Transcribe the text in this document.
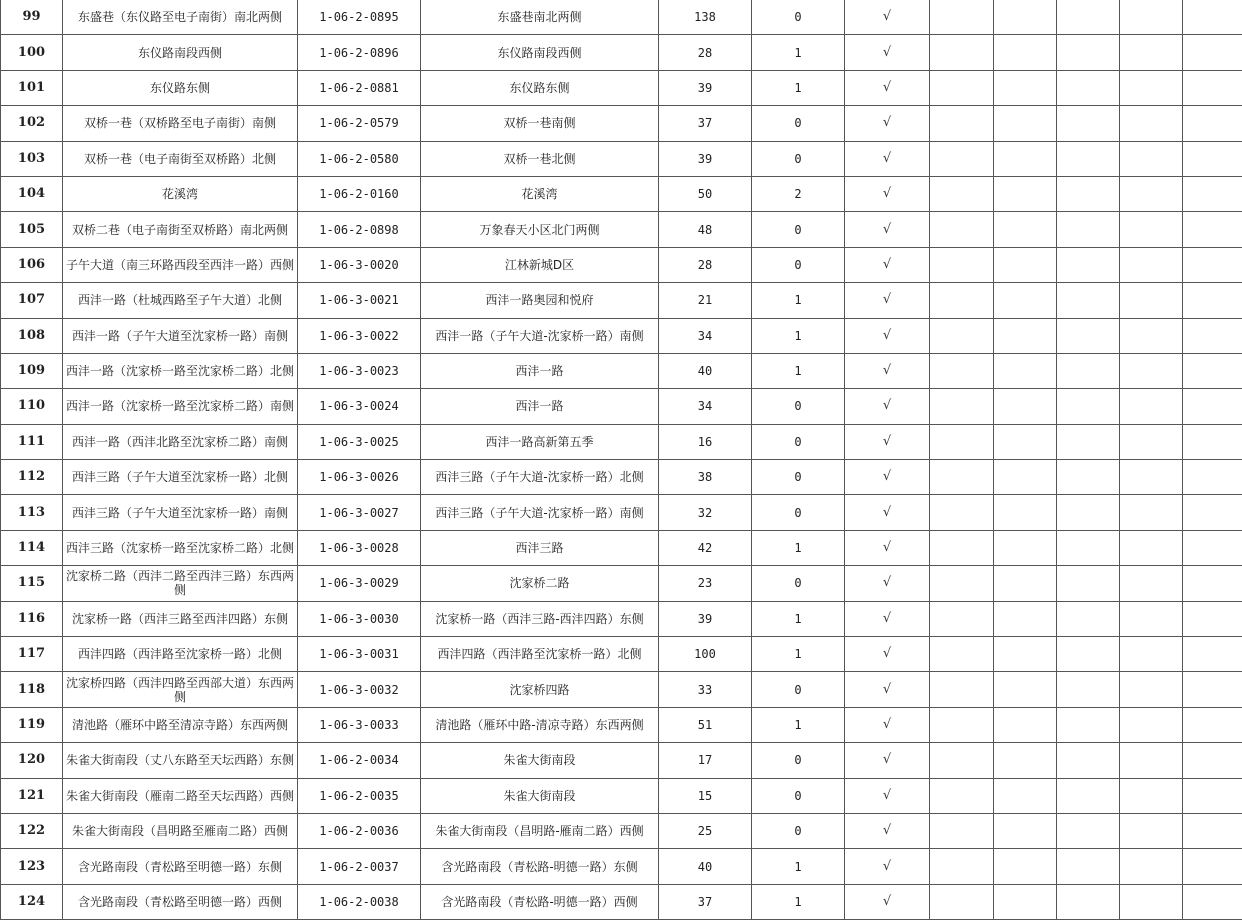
99	东盛巷（东仪路至电子南街）南北两侧	1-06-2-0895	东盛巷南北两侧	138	0	√						
100	东仪路南段西侧	1-06-2-0896	东仪路南段西侧	28	1	√						
101	东仪路东侧	1-06-2-0881	东仪路东侧	39	1	√						
102	双桥一巷（双桥路至电子南街）南侧	1-06-2-0579	双桥一巷南侧	37	0	√						
103	双桥一巷（电子南街至双桥路）北侧	1-06-2-0580	双桥一巷北侧	39	0	√						
104	花溪湾	1-06-2-0160	花溪湾	50	2	√						
105	双桥二巷（电子南街至双桥路）南北两侧	1-06-2-0898	万象春天小区北门两侧	48	0	√						
106	子午大道（南三环路西段至西沣一路）西侧	1-06-3-0020	江林新城D区	28	0	√						
107	西沣一路（杜城西路至子午大道）北侧	1-06-3-0021	西沣一路奥园和悦府	21	1	√						
108	西沣一路（子午大道至沈家桥一路）南侧	1-06-3-0022	西沣一路（子午大道-沈家桥一路）南侧	34	1	√						
109	西沣一路（沈家桥一路至沈家桥二路）北侧	1-06-3-0023	西沣一路	40	1	√						
110	西沣一路（沈家桥一路至沈家桥二路）南侧	1-06-3-0024	西沣一路	34	0	√						
111	西沣一路（西沣北路至沈家桥二路）南侧	1-06-3-0025	西沣一路高新第五季	16	0	√						
112	西沣三路（子午大道至沈家桥一路）北侧	1-06-3-0026	西沣三路（子午大道-沈家桥一路）北侧	38	0	√						
113	西沣三路（子午大道至沈家桥一路）南侧	1-06-3-0027	西沣三路（子午大道-沈家桥一路）南侧	32	0	√						
114	西沣三路（沈家桥一路至沈家桥二路）北侧	1-06-3-0028	西沣三路	42	1	√						
115	沈家桥二路（西沣二路至西沣三路）东西两侧	1-06-3-0029	沈家桥二路	23	0	√						
116	沈家桥一路（西沣三路至西沣四路）东侧	1-06-3-0030	沈家桥一路（西沣三路-西沣四路）东侧	39	1	√						
117	西沣四路（西沣路至沈家桥一路）北侧	1-06-3-0031	西沣四路（西沣路至沈家桥一路）北侧	100	1	√						
118	沈家桥四路（西沣四路至西部大道）东西两侧	1-06-3-0032	沈家桥四路	33	0	√						
119	清池路（雁环中路至清凉寺路）东西两侧	1-06-3-0033	清池路（雁环中路-清凉寺路）东西两侧	51	1	√						
120	朱雀大街南段（丈八东路至天坛西路）东侧	1-06-2-0034	朱雀大街南段	17	0	√						
121	朱雀大街南段（雁南二路至天坛西路）西侧	1-06-2-0035	朱雀大街南段	15	0	√						
122	朱雀大街南段（昌明路至雁南二路）西侧	1-06-2-0036	朱雀大街南段（昌明路-雁南二路）西侧	25	0	√						
123	含光路南段（青松路至明德一路）东侧	1-06-2-0037	含光路南段（青松路-明德一路）东侧	40	1	√						
124	含光路南段（青松路至明德一路）西侧	1-06-2-0038	含光路南段（青松路-明德一路）西侧	37	1	√						
